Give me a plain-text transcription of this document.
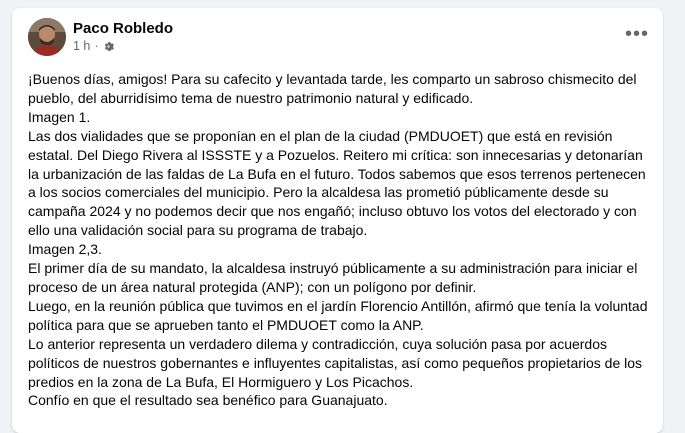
Paco Robledo
1 h ·
•••

¡Buenos días, amigos! Para su cafecito y levantada tarde, les comparto un sabroso chismecito del pueblo, del aburridísimo tema de nuestro patrimonio natural y edificado.

Imagen 1.

Las dos vialidades que se proponían en el plan de la ciudad (PMDUOET) que está en revisión estatal. Del Diego Rivera al ISSSTE y a Pozuelos. Reitero mi crítica: son innecesarias y detonarían la urbanización de las faldas de La Bufa en el futuro. Todos sabemos que esos terrenos pertenecen a los socios comerciales del municipio. Pero la alcaldesa las prometió públicamente desde su campaña 2024 y no podemos decir que nos engañó; incluso obtuvo los votos del electorado y con ello una validación social para su programa de trabajo.

Imagen 2,3.

El primer día de su mandato, la alcaldesa instruyó públicamente a su administración para iniciar el proceso de un área natural protegida (ANP); con un polígono por definir.

Luego, en la reunión pública que tuvimos en el jardín Florencio Antillón, afirmó que tenía la voluntad política para que se aprueben tanto el PMDUOET como la ANP.

Lo anterior representa un verdadero dilema y contradicción, cuya solución pasa por acuerdos políticos de nuestros gobernantes e influyentes capitalistas, así como pequeños propietarios de los predios en la zona de La Bufa, El Hormiguero y Los Picachos.

Confío en que el resultado sea benéfico para Guanajuato.
